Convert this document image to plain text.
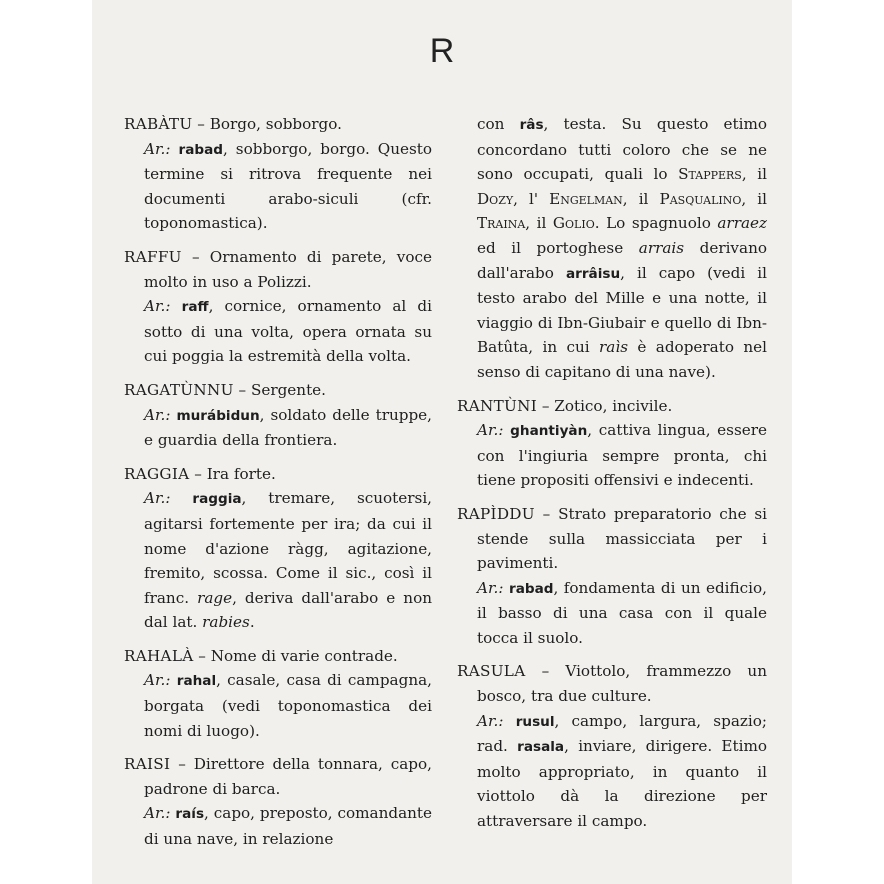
R

RABÀTU – Borgo, sobborgo.

Ar.: rabad, sobborgo, borgo. Questo termine si ritrova frequente nei documenti arabo-siculi (cfr. toponomastica).

RAFFU – Ornamento di parete, voce molto in uso a Polizzi.

Ar.: raff, cornice, ornamento al di sotto di una volta, opera ornata su cui poggia la estremità della volta.

RAGATÙNNU – Sergente.

Ar.: murábidun, soldato delle truppe, e guardia della frontiera.

RAGGIA – Ira forte.

Ar.: raggia, tremare, scuotersi, agitarsi fortemente per ira; da cui il nome d'azione ràgg, agitazione, fremito, scossa. Come il sic., così il franc. rage, deriva dall'arabo e non dal lat. rabies.

RAHALÀ – Nome di varie contrade.

Ar.: rahal, casale, casa di campagna, borgata (vedi toponomastica dei nomi di luogo).

RAISI – Direttore della tonnara, capo, padrone di barca.

Ar.: raís, capo, preposto, comandante di una nave, in relazione

con râs, testa. Su questo etimo concordano tutti coloro che se ne sono occupati, quali lo Stappers, il Dozy, l' Engelman, il Pasqualino, il Traina, il Golio. Lo spagnuolo arraez ed il portoghese arrais derivano dall'arabo arrâisu, il capo (vedi il testo arabo del Mille e una notte, il viaggio di Ibn-Giubair e quello di Ibn-Batûta, in cui raìs è adoperato nel senso di capitano di una nave).

RANTÙNI – Zotico, incivile.

Ar.: ghantiyàn, cattiva lingua, essere con l'ingiuria sempre pronta, chi tiene propositi offensivi e indecenti.

RAPÌDDU – Strato preparatorio che si stende sulla massicciata per i pavimenti.

Ar.: rabad, fondamenta di un edificio, il basso di una casa con il quale tocca il suolo.

RASULA – Viottolo, frammezzo un bosco, tra due culture.

Ar.: rusul, campo, largura, spazio; rad. rasala, inviare, dirigere. Etimo molto appropriato, in quanto il viottolo dà la direzione per attraversare il campo.
